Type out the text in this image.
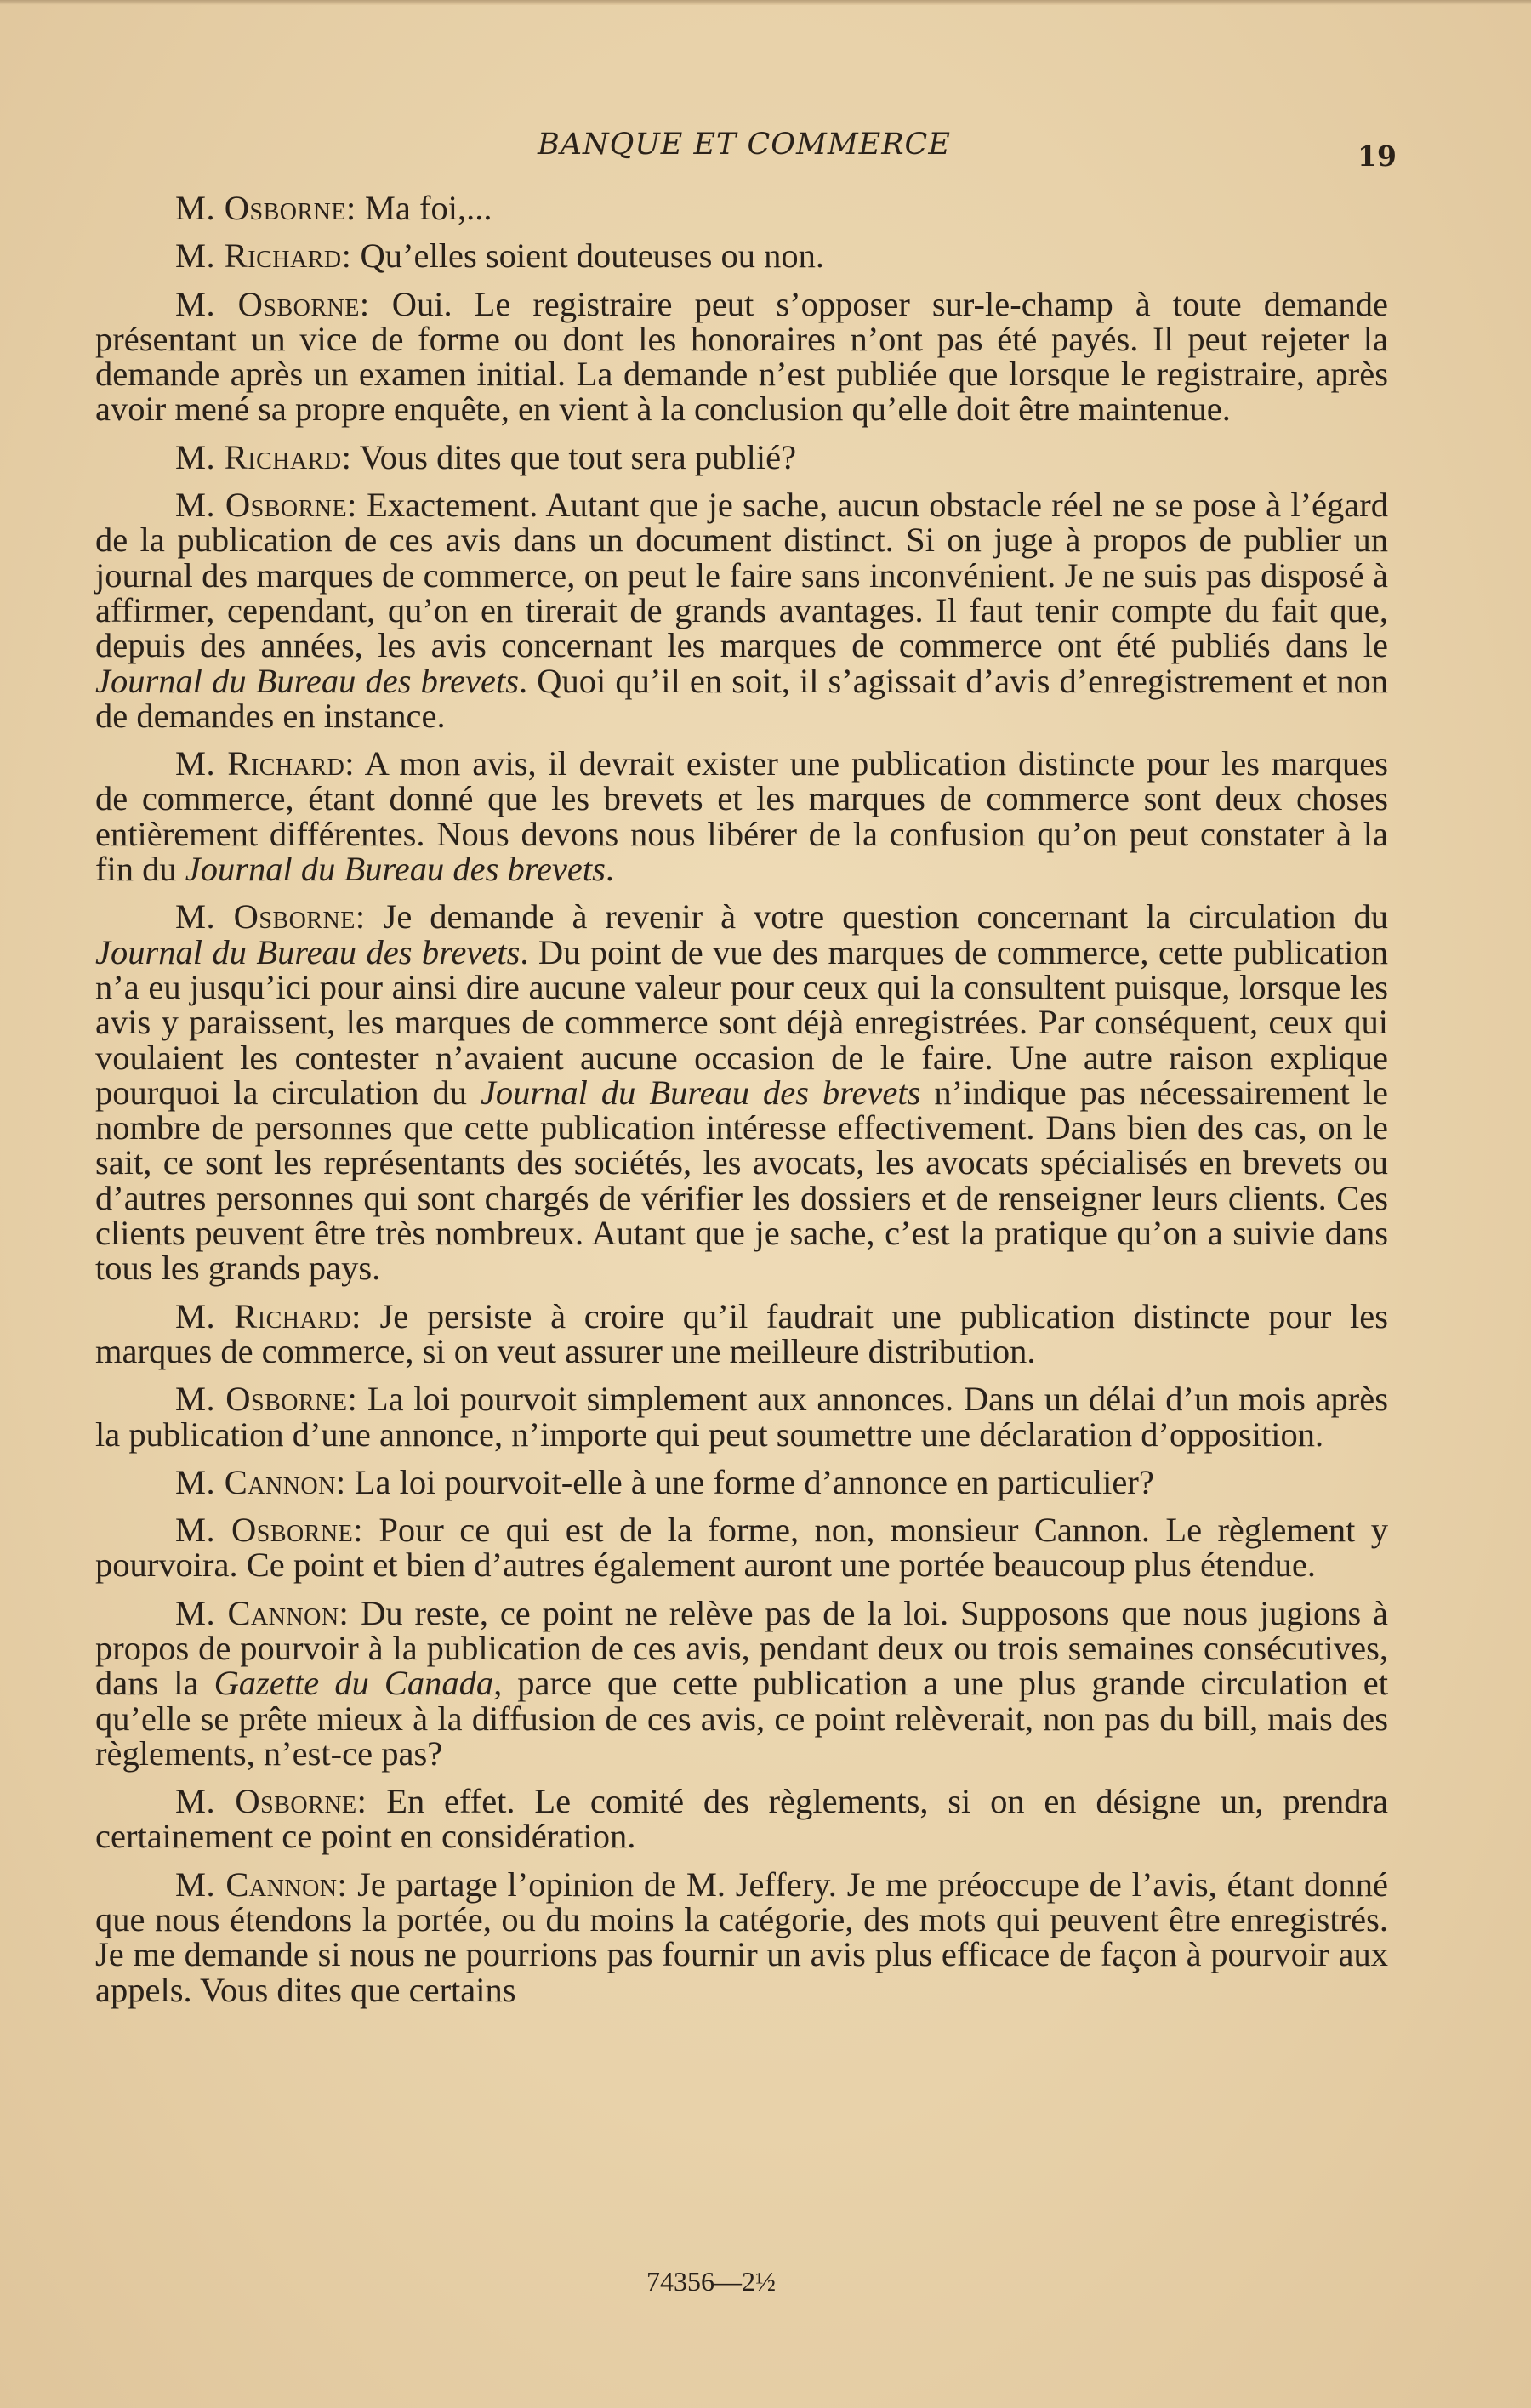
BANQUE ET COMMERCE	19

M. Osborne: Ma foi,...

M. Richard: Qu’elles soient douteuses ou non.

M. Osborne: Oui. Le registraire peut s’opposer sur-le-champ à toute demande présentant un vice de forme ou dont les honoraires n’ont pas été payés. Il peut rejeter la demande après un examen initial. La demande n’est publiée que lorsque le registraire, après avoir mené sa propre enquête, en vient à la conclusion qu’elle doit être maintenue.

M. Richard: Vous dites que tout sera publié?

M. Osborne: Exactement. Autant que je sache, aucun obstacle réel ne se pose à l’égard de la publication de ces avis dans un document distinct. Si on juge à propos de publier un journal des marques de commerce, on peut le faire sans inconvénient. Je ne suis pas disposé à affirmer, cependant, qu’on en tirerait de grands avantages. Il faut tenir compte du fait que, depuis des années, les avis concernant les marques de commerce ont été publiés dans le Journal du Bureau des brevets. Quoi qu’il en soit, il s’agissait d’avis d’enregistrement et non de demandes en instance.

M. Richard: A mon avis, il devrait exister une publication distincte pour les marques de commerce, étant donné que les brevets et les marques de commerce sont deux choses entièrement différentes. Nous devons nous libérer de la confusion qu’on peut constater à la fin du Journal du Bureau des brevets.

M. Osborne: Je demande à revenir à votre question concernant la circulation du Journal du Bureau des brevets. Du point de vue des marques de commerce, cette publication n’a eu jusqu’ici pour ainsi dire aucune valeur pour ceux qui la consultent puisque, lorsque les avis y paraissent, les marques de commerce sont déjà enregistrées. Par conséquent, ceux qui voulaient les contester n’avaient aucune occasion de le faire. Une autre raison explique pourquoi la circulation du Journal du Bureau des brevets n’indique pas nécessairement le nombre de personnes que cette publication intéresse effectivement. Dans bien des cas, on le sait, ce sont les représentants des sociétés, les avocats, les avocats spécialisés en brevets ou d’autres personnes qui sont chargés de vérifier les dossiers et de renseigner leurs clients. Ces clients peuvent être très nombreux. Autant que je sache, c’est la pratique qu’on a suivie dans tous les grands pays.

M. Richard: Je persiste à croire qu’il faudrait une publication distincte pour les marques de commerce, si on veut assurer une meilleure distribution.

M. Osborne: La loi pourvoit simplement aux annonces. Dans un délai d’un mois après la publication d’une annonce, n’importe qui peut soumettre une déclaration d’opposition.

M. Cannon: La loi pourvoit-elle à une forme d’annonce en particulier?

M. Osborne: Pour ce qui est de la forme, non, monsieur Cannon. Le règlement y pourvoira. Ce point et bien d’autres également auront une portée beaucoup plus étendue.

M. Cannon: Du reste, ce point ne relève pas de la loi. Supposons que nous jugions à propos de pourvoir à la publication de ces avis, pendant deux ou trois semaines consécutives, dans la Gazette du Canada, parce que cette publication a une plus grande circulation et qu’elle se prête mieux à la diffusion de ces avis, ce point relèverait, non pas du bill, mais des règlements, n’est-ce pas?

M. Osborne: En effet. Le comité des règlements, si on en désigne un, prendra certainement ce point en considération.

M. Cannon: Je partage l’opinion de M. Jeffery. Je me préoccupe de l’avis, étant donné que nous étendons la portée, ou du moins la catégorie, des mots qui peuvent être enregistrés. Je me demande si nous ne pourrions pas fournir un avis plus efficace de façon à pourvoir aux appels. Vous dites que certains

74356—2½
